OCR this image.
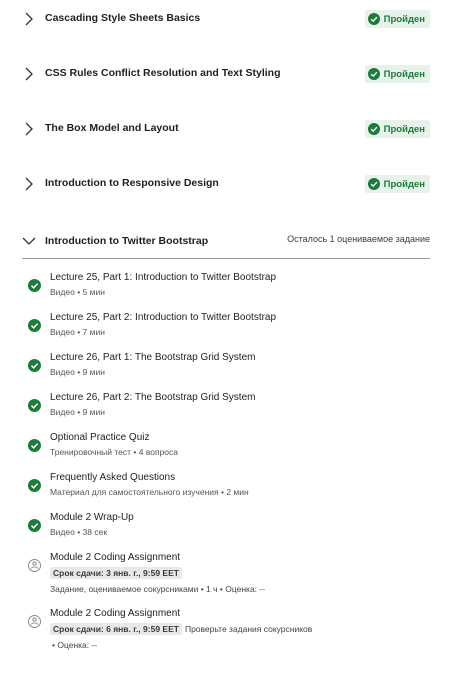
Cascading Style Sheets Basics	Пройден
CSS Rules Conflict Resolution and Text Styling	Пройден
The Box Model and Layout	Пройден
Introduction to Responsive Design	Пройден
Introduction to Twitter Bootstrap	Осталось 1 оцениваемое задание
Lecture 25, Part 1: Introduction to Twitter Bootstrap
Видео • 5 мин
Lecture 25, Part 2: Introduction to Twitter Bootstrap
Видео • 7 мин
Lecture 26, Part 1: The Bootstrap Grid System
Видео • 9 мин
Lecture 26, Part 2: The Bootstrap Grid System
Видео • 9 мин
Optional Practice Quiz
Тренировочный тест • 4 вопроса
Frequently Asked Questions
Материал для самостоятельного изучения • 2 мин
Module 2 Wrap-Up
Видео • 38 сек
Module 2 Coding Assignment
Срок сдачи: 3 янв. г., 9:59 EET
Задание, оцениваемое сокурсниками • 1 ч • Оценка: --
Module 2 Coding Assignment
Срок сдачи: 6 янв. г., 9:59 EET Проверьте задания сокурсников
• Оценка: --
